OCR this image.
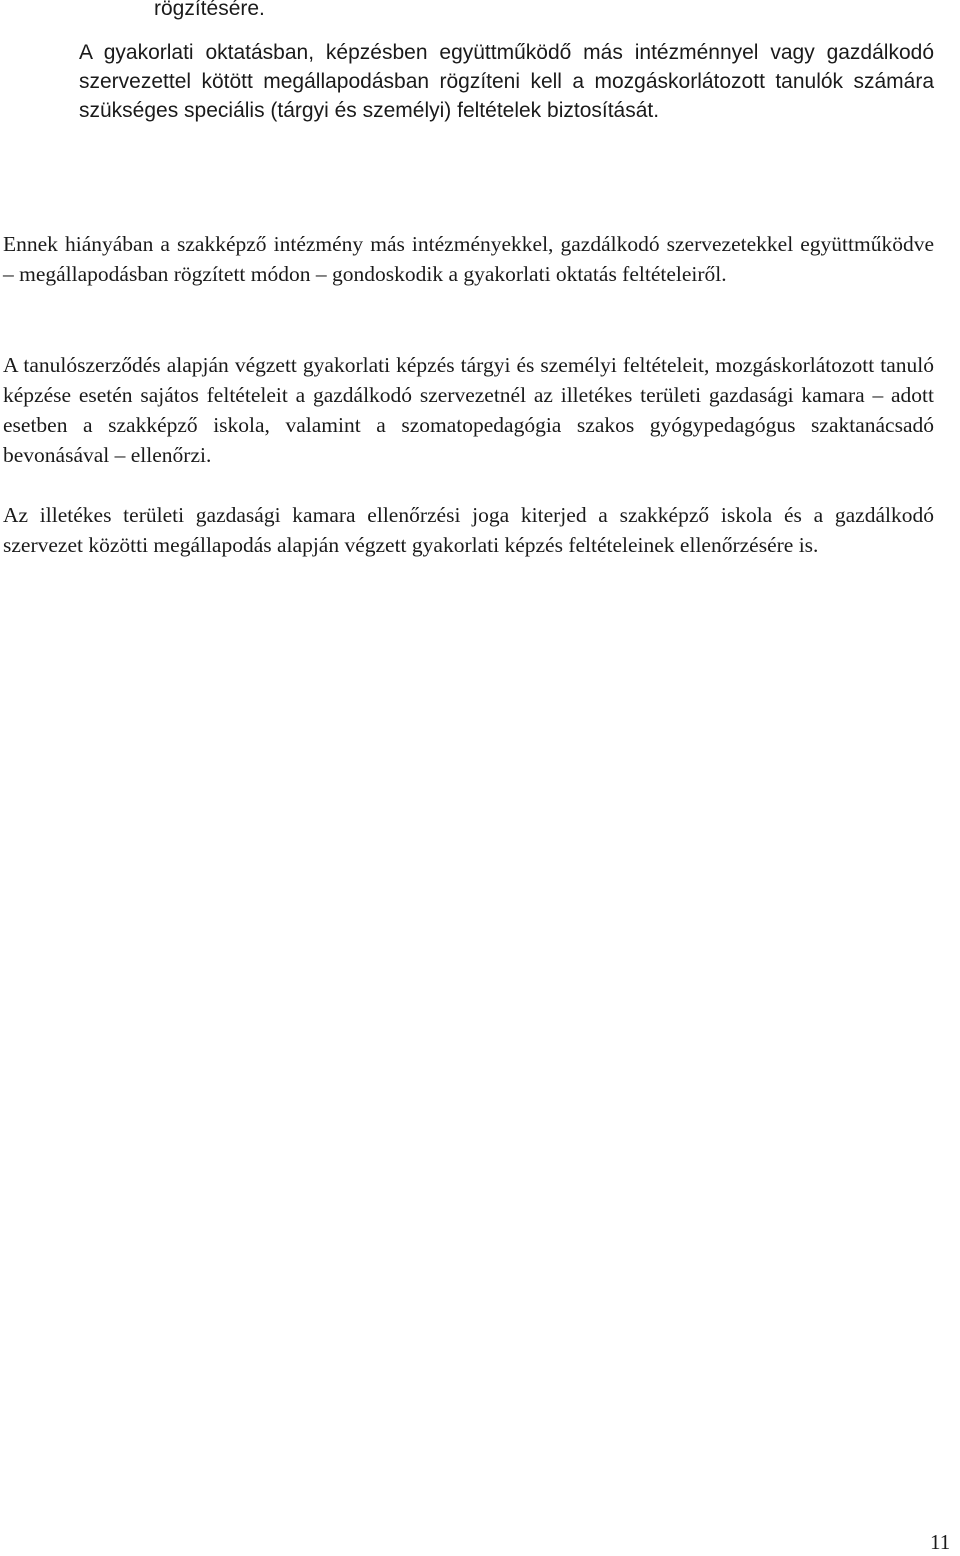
rögzítésére.

A gyakorlati oktatásban, képzésben együttműködő más intézménnyel vagy gazdálkodó szervezettel kötött megállapodásban rögzíteni kell a mozgáskorlátozott tanulók számára szükséges speciális (tárgyi és személyi) feltételek biztosítását.

Ennek hiányában a szakképző intézmény más intézményekkel, gazdálkodó szervezetekkel együttműködve – megállapodásban rögzített módon – gondoskodik a gyakorlati oktatás feltételeiről.

A tanulószerződés alapján végzett gyakorlati képzés tárgyi és személyi feltételeit, mozgáskorlátozott tanuló képzése esetén sajátos feltételeit a gazdálkodó szervezetnél az illetékes területi gazdasági kamara – adott esetben a szakképző iskola, valamint a szomatopedagógia szakos gyógypedagógus szaktanácsadó bevonásával – ellenőrzi.

Az illetékes területi gazdasági kamara ellenőrzési joga kiterjed a szakképző iskola és a gazdálkodó szervezet közötti megállapodás alapján végzett gyakorlati képzés feltételeinek ellenőrzésére is.

11
